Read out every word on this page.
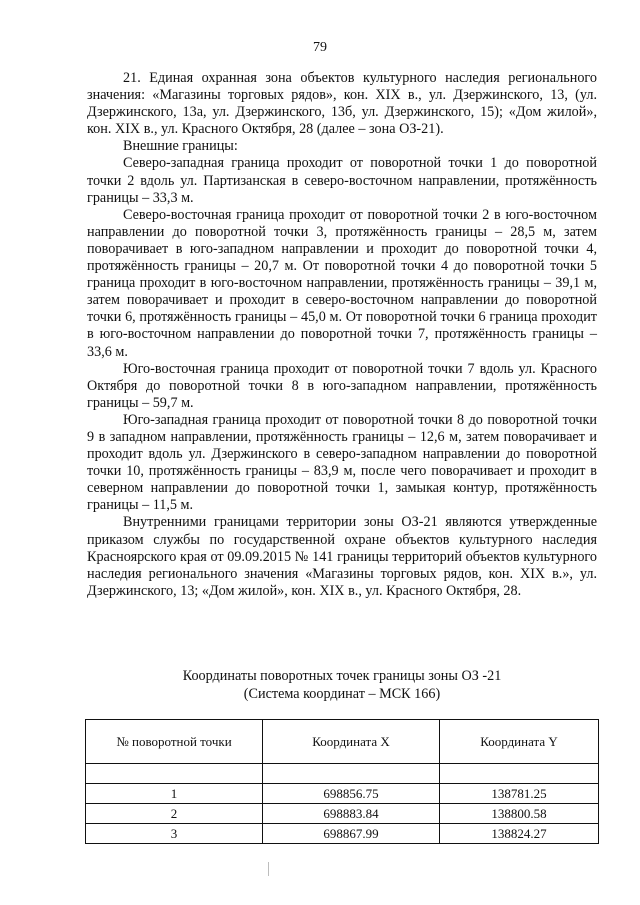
79

21. Единая охранная зона объектов культурного наследия регионального значения: «Магазины торговых рядов», кон. XIX в., ул. Дзержинского, 13, (ул. Дзержинского, 13а, ул. Дзержинского, 13б, ул. Дзержинского, 15); «Дом жилой», кон. XIX в., ул. Красного Октября, 28 (далее – зона ОЗ-21).

Внешние границы:

Северо-западная граница проходит от поворотной точки 1 до поворотной точки 2 вдоль ул. Партизанская в северо-восточном направлении, протяжённость границы – 33,3 м.

Северо-восточная граница проходит от поворотной точки 2 в юго-восточном направлении до поворотной точки 3, протяжённость границы – 28,5 м, затем поворачивает в юго-западном направлении и проходит до поворотной точки 4, протяжённость границы – 20,7 м. От поворотной точки 4 до поворотной точки 5 граница проходит в юго-восточном направлении, протяжённость границы – 39,1 м, затем поворачивает и проходит в северо-восточном направлении до поворотной точки 6, протяжённость границы – 45,0 м. От поворотной точки 6 граница проходит в юго-восточном направлении до поворотной точки 7, протяжённость границы – 33,6 м.

Юго-восточная граница проходит от поворотной точки 7 вдоль ул. Красного Октября до поворотной точки 8 в юго-западном направлении, протяжённость границы – 59,7 м.

Юго-западная граница проходит от поворотной точки 8 до поворотной точки 9 в западном направлении, протяжённость границы – 12,6 м, затем поворачивает и проходит вдоль ул. Дзержинского в северо-западном направлении до поворотной точки 10, протяжённость границы – 83,9 м, после чего поворачивает и проходит в северном направлении до поворотной точки 1, замыкая контур, протяжённость границы – 11,5 м.

Внутренними границами территории зоны ОЗ-21 являются утвержденные приказом службы по государственной охране объектов культурного наследия Красноярского края от 09.09.2015 № 141 границы территорий объектов культурного наследия регионального значения «Магазины торговых рядов, кон. XIX в.», ул. Дзержинского, 13; «Дом жилой», кон. XIX в., ул. Красного Октября, 28.

Координаты поворотных точек границы зоны ОЗ -21
(Система координат – МСК 166)
№ поворотной точки	Координата X	Координата Y

1	698856.75	138781.25
2	698883.84	138800.58
3	698867.99	138824.27
